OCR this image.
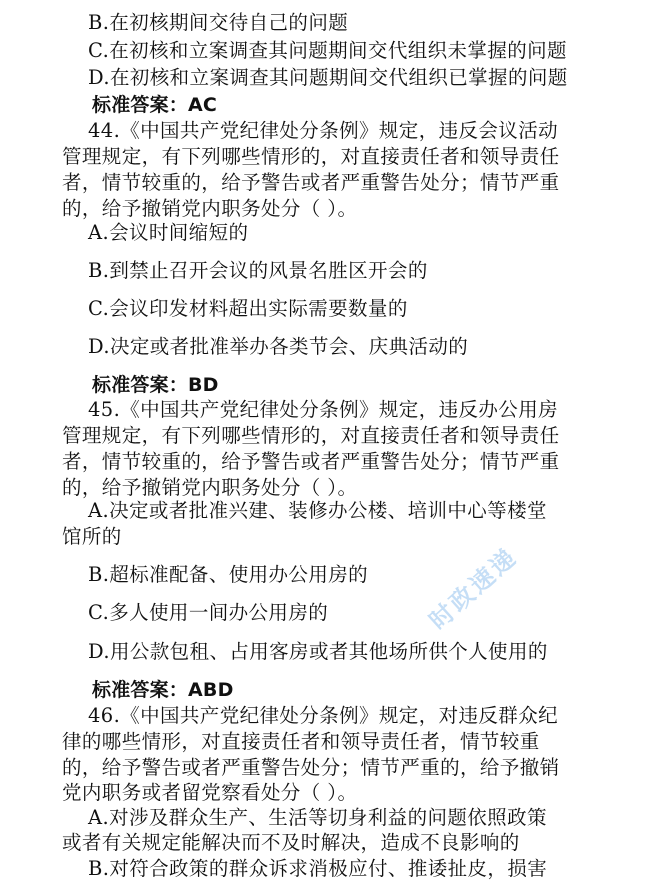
B.在初核期间交待自己的问题
C.在初核和立案调查其问题期间交代组织未掌握的问题
D.在初核和立案调查其问题期间交代组织已掌握的问题
标准答案：AC
44.《中国共产党纪律处分条例》规定，违反会议活动
管理规定，有下列哪些情形的，对直接责任者和领导责任
者，情节较重的，给予警告或者严重警告处分；情节严重
的，给予撤销党内职务处分（ ）。
A.会议时间缩短的
B.到禁止召开会议的风景名胜区开会的
C.会议印发材料超出实际需要数量的
D.决定或者批准举办各类节会、庆典活动的
标准答案：BD
45.《中国共产党纪律处分条例》规定，违反办公用房
管理规定，有下列哪些情形的，对直接责任者和领导责任
者，情节较重的，给予警告或者严重警告处分；情节严重
的，给予撤销党内职务处分（ ）。
A.决定或者批准兴建、装修办公楼、培训中心等楼堂
馆所的
B.超标准配备、使用办公用房的
C.多人使用一间办公用房的
D.用公款包租、占用客房或者其他场所供个人使用的
标准答案：ABD
46.《中国共产党纪律处分条例》规定，对违反群众纪
律的哪些情形，对直接责任者和领导责任者，情节较重
的，给予警告或者严重警告处分；情节严重的，给予撤销
党内职务或者留党察看处分（ ）。
A.对涉及群众生产、生活等切身利益的问题依照政策
或者有关规定能解决而不及时解决，造成不良影响的
B.对符合政策的群众诉求消极应付、推诿扯皮，损害
时政速递
